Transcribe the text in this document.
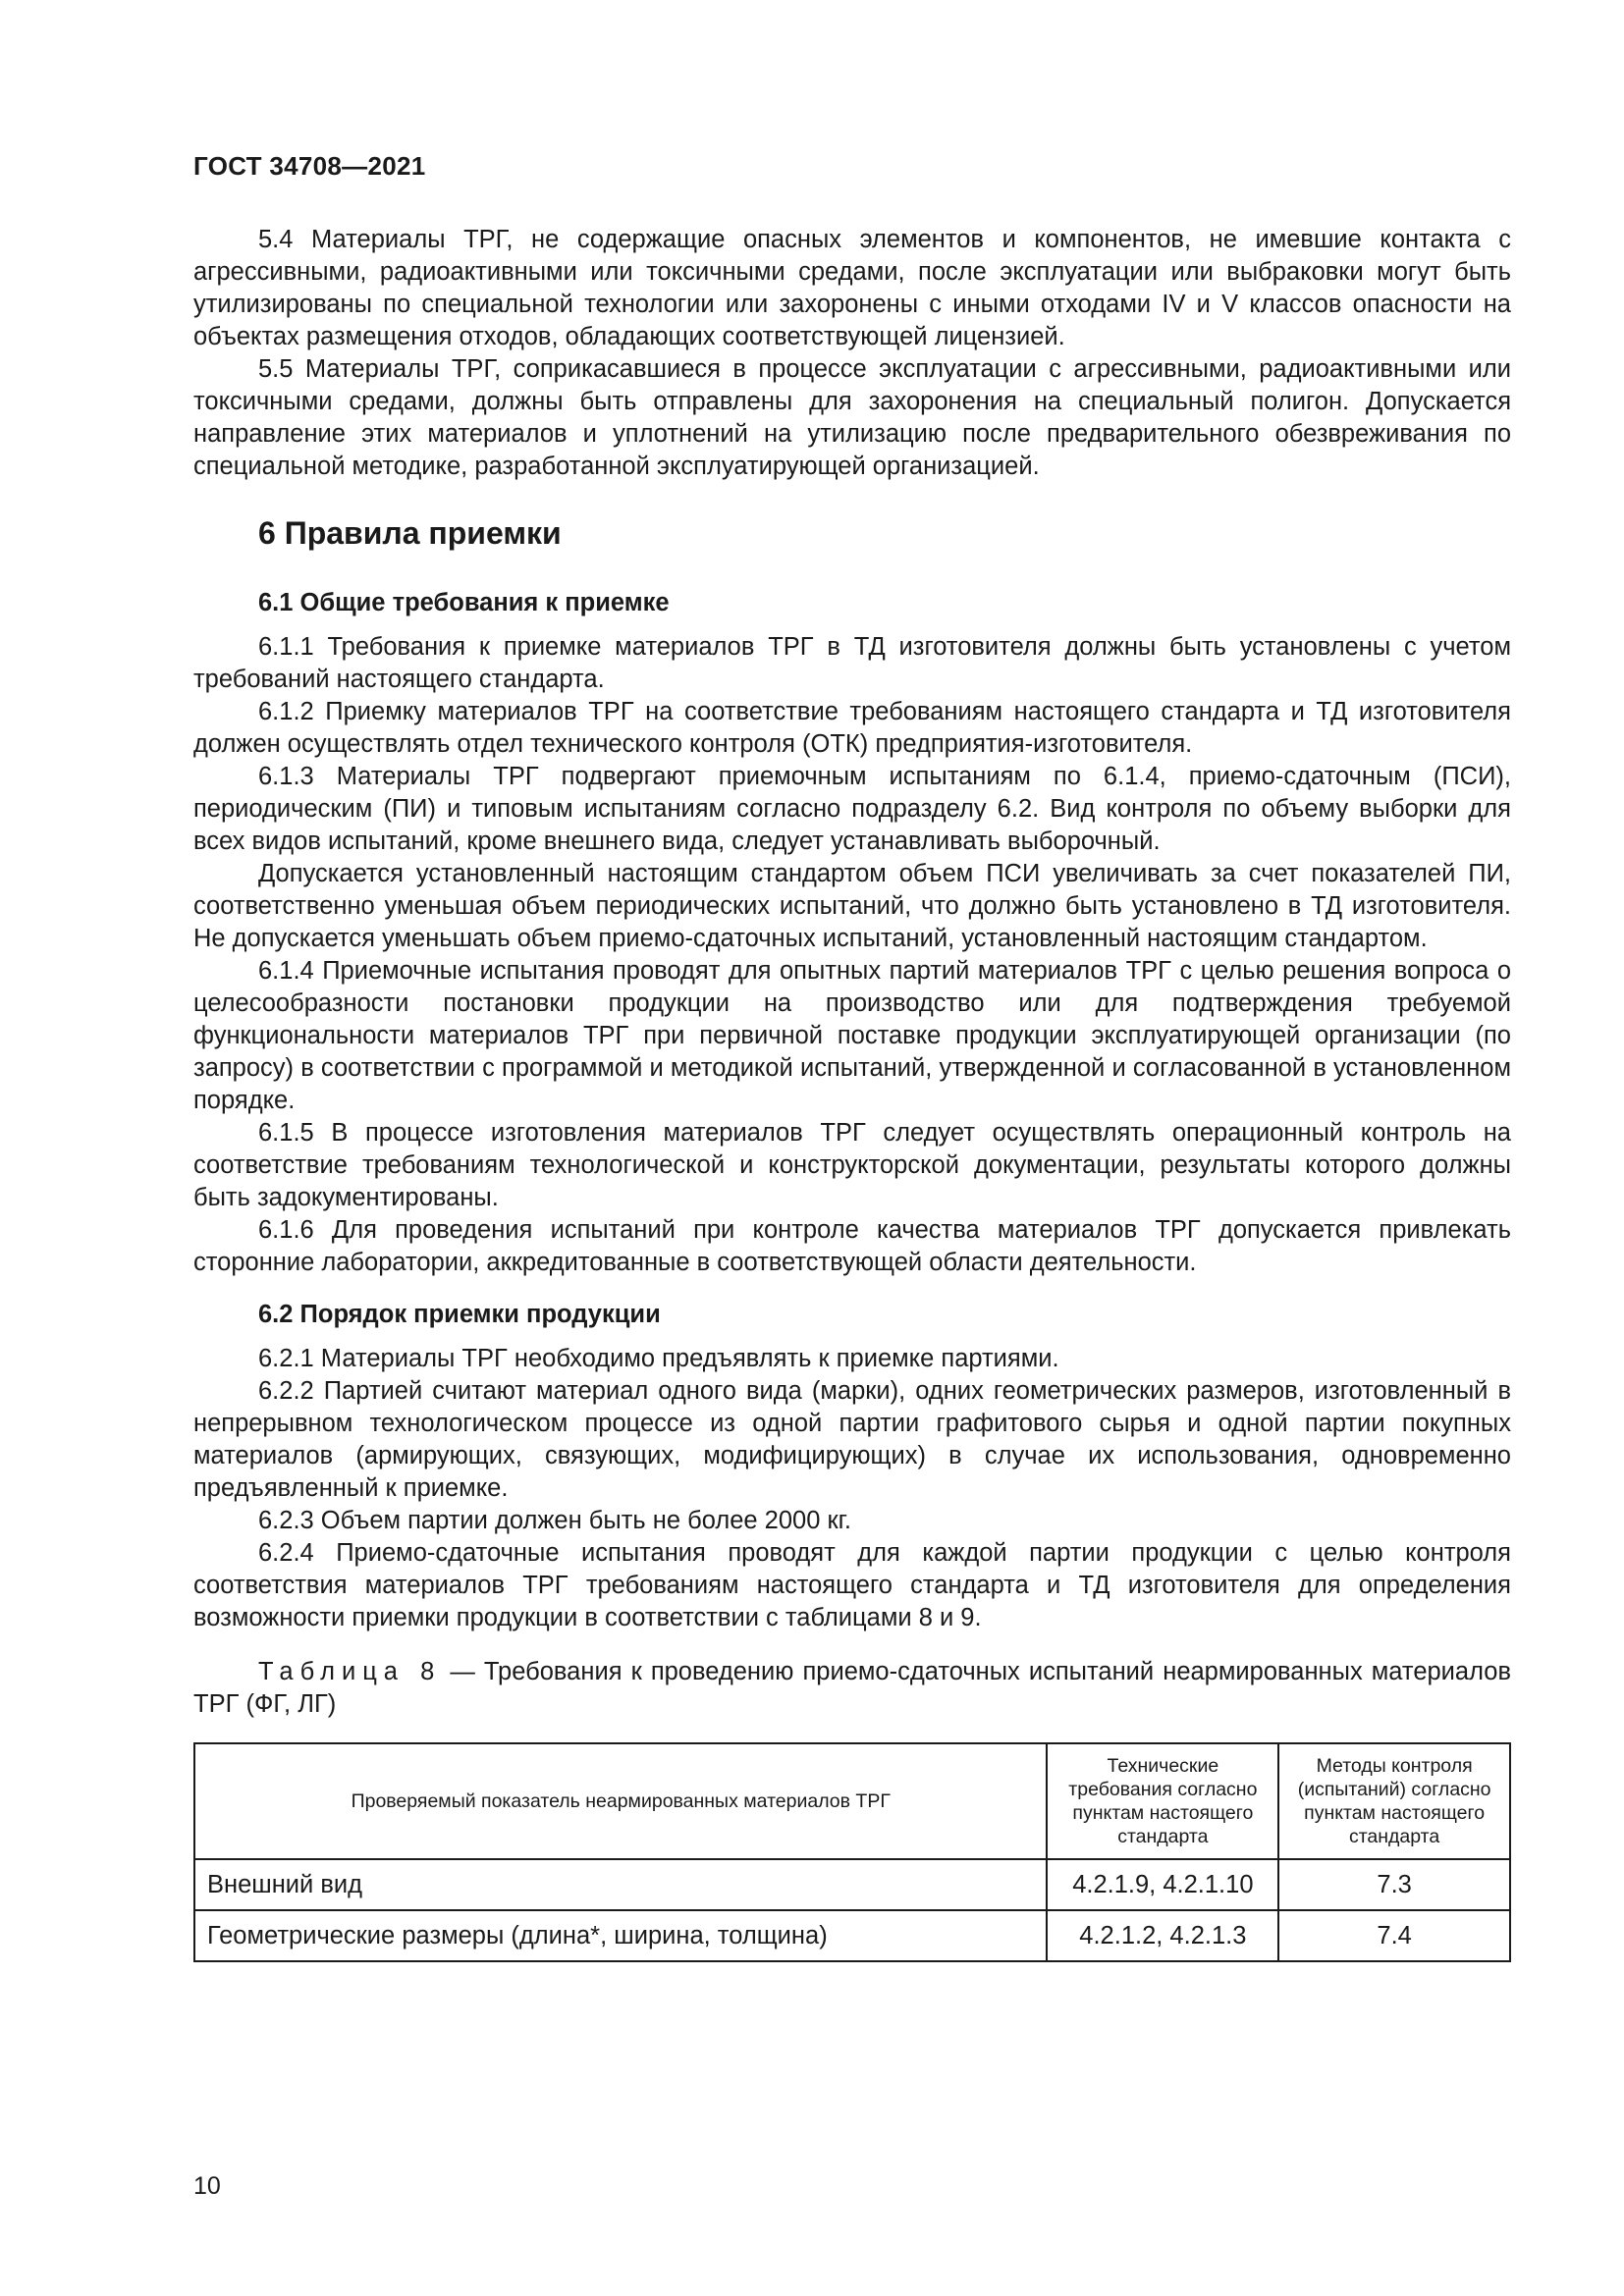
ГОСТ 34708—2021

5.4 Материалы ТРГ, не содержащие опасных элементов и компонентов, не имевшие контакта с агрессивными, радиоактивными или токсичными средами, после эксплуатации или выбраковки могут быть утилизированы по специальной технологии или захоронены с иными отходами IV и V классов опасности на объектах размещения отходов, обладающих соответствующей лицензией.

5.5 Материалы ТРГ, соприкасавшиеся в процессе эксплуатации с агрессивными, радиоактивными или токсичными средами, должны быть отправлены для захоронения на специальный полигон. Допускается направление этих материалов и уплотнений на утилизацию после предварительного обезвреживания по специальной методике, разработанной эксплуатирующей организацией.

6 Правила приемки
6.1 Общие требования к приемке

6.1.1 Требования к приемке материалов ТРГ в ТД изготовителя должны быть установлены с учетом требований настоящего стандарта.

6.1.2 Приемку материалов ТРГ на соответствие требованиям настоящего стандарта и ТД изготовителя должен осуществлять отдел технического контроля (ОТК) предприятия-изготовителя.

6.1.3 Материалы ТРГ подвергают приемочным испытаниям по 6.1.4, приемо-сдаточным (ПСИ), периодическим (ПИ) и типовым испытаниям согласно подразделу 6.2. Вид контроля по объему выборки для всех видов испытаний, кроме внешнего вида, следует устанавливать выборочный.

Допускается установленный настоящим стандартом объем ПСИ увеличивать за счет показателей ПИ, соответственно уменьшая объем периодических испытаний, что должно быть установлено в ТД изготовителя. Не допускается уменьшать объем приемо-сдаточных испытаний, установленный настоящим стандартом.

6.1.4 Приемочные испытания проводят для опытных партий материалов ТРГ с целью решения вопроса о целесообразности постановки продукции на производство или для подтверждения требуемой функциональности материалов ТРГ при первичной поставке продукции эксплуатирующей организации (по запросу) в соответствии с программой и методикой испытаний, утвержденной и согласованной в установленном порядке.

6.1.5 В процессе изготовления материалов ТРГ следует осуществлять операционный контроль на соответствие требованиям технологической и конструкторской документации, результаты которого должны быть задокументированы.

6.1.6 Для проведения испытаний при контроле качества материалов ТРГ допускается привлекать сторонние лаборатории, аккредитованные в соответствующей области деятельности.

6.2 Порядок приемки продукции

6.2.1 Материалы ТРГ необходимо предъявлять к приемке партиями.

6.2.2 Партией считают материал одного вида (марки), одних геометрических размеров, изготовленный в непрерывном технологическом процессе из одной партии графитового сырья и одной партии покупных материалов (армирующих, связующих, модифицирующих) в случае их использования, одновременно предъявленный к приемке.

6.2.3 Объем партии должен быть не более 2000 кг.

6.2.4 Приемо-сдаточные испытания проводят для каждой партии продукции с целью контроля соответствия материалов ТРГ требованиям настоящего стандарта и ТД изготовителя для определения возможности приемки продукции в соответствии с таблицами 8 и 9.

Таблица 8 — Требования к проведению приемо-сдаточных испытаний неармированных материалов ТРГ (ФГ, ЛГ)

Проверяемый показатель неармированных материалов ТРГ	Технические требования согласно пунктам настоящего стандарта	Методы контроля (испытаний) согласно пунктам настоящего стандарта
Внешний вид	4.2.1.9, 4.2.1.10	7.3
Геометрические размеры (длина*, ширина, толщина)	4.2.1.2, 4.2.1.3	7.4
10
